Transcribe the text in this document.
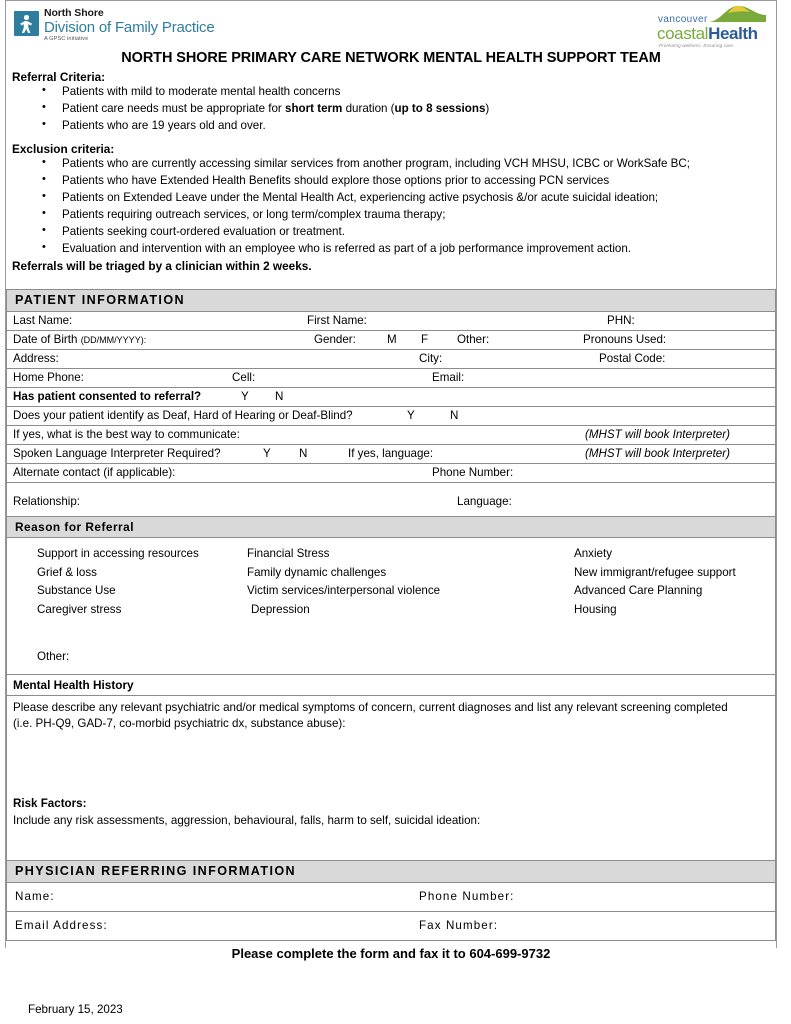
North Shore
Division of Family Practice
A GPSC initiative
vancouver
coastalHealth
Promoting wellness. Ensuring care.
NORTH SHORE PRIMARY CARE NETWORK MENTAL HEALTH SUPPORT TEAM
Referral Criteria:
• Patients with mild to moderate mental health concerns
• Patient care needs must be appropriate for short term duration (up to 8 sessions)
• Patients who are 19 years old and over.
Exclusion criteria:
• Patients who are currently accessing similar services from another program, including VCH MHSU, ICBC or WorkSafe BC;
• Patients who have Extended Health Benefits should explore those options prior to accessing PCN services
• Patients on Extended Leave under the Mental Health Act, experiencing active psychosis &/or acute suicidal ideation;
• Patients requiring outreach services, or long term/complex trauma therapy;
• Patients seeking court-ordered evaluation or treatment.
• Evaluation and intervention with an employee who is referred as part of a job performance improvement action.
Referrals will be triaged by a clinician within 2 weeks.
PATIENT INFORMATION

Last Name:	First Name:	PHN:

Date of Birth (DD/MM/YYYY):	Gender:	M F Other:	Pronouns Used:

Address:	City:	Postal Code:

Home Phone:	Cell:	Email:

Has patient consented to referral?	Y N

Does your patient identify as Deaf, Hard of Hearing or Deaf-Blind?	Y	N

If yes, what is the best way to communicate:	(MHST will book Interpreter)

Spoken Language Interpreter Required?	Y N	If yes, language:	(MHST will book Interpreter)

Alternate contact (if applicable):	Phone Number:

Relationship:	Language:
Reason for Referral

Support in accessing resources
Grief & loss
Substance Use
Caregiver stress
Financial Stress
Family dynamic challenges
Victim services/interpersonal violence
Depression
Anxiety
New immigrant/refugee support
Advanced Care Planning
Housing
Other:
Mental Health History

Please describe any relevant psychiatric and/or medical symptoms of concern, current diagnoses and list any relevant screening completed (i.e. PH-Q9, GAD-7, co-morbid psychiatric dx, substance abuse):

Risk Factors:
Include any risk assessments, aggression, behavioural, falls, harm to self, suicidal ideation:
PHYSICIAN REFERRING INFORMATION

Name:	Phone Number:

Email Address:	Fax Number:
Please complete the form and fax it to 604-699-9732
February 15, 2023
